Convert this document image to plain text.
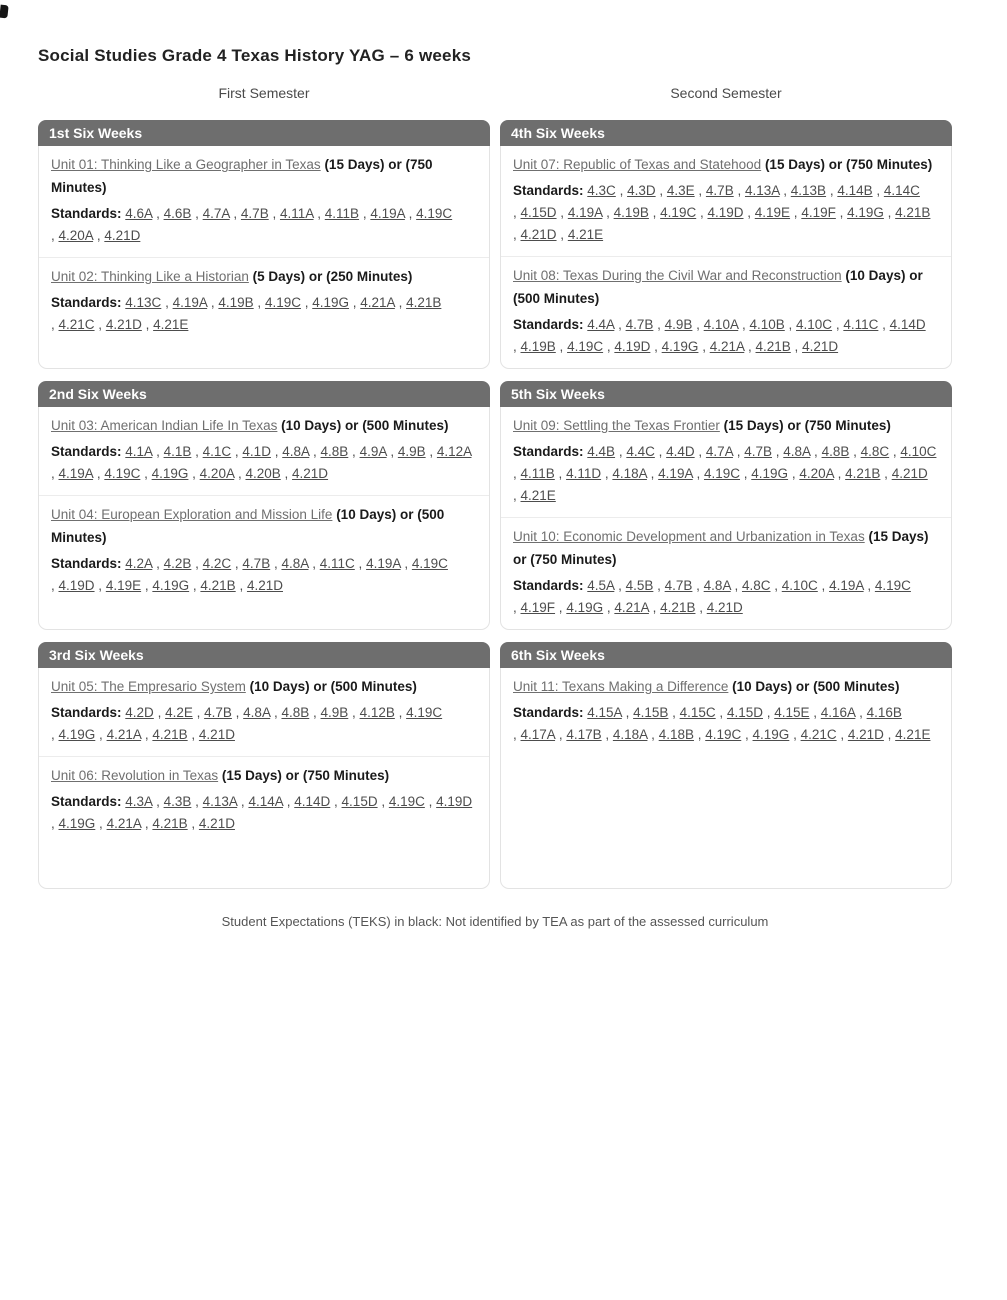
Social Studies Grade 4 Texas History YAG – 6 weeks
First Semester	Second Semester
1st Six Weeks

Unit 01: Thinking Like a Geographer in Texas (15 Days) or (750 Minutes)

Standards: 4.6A , 4.6B , 4.7A , 4.7B , 4.11A , 4.11B , 4.19A , 4.19C , 4.20A , 4.21D

Unit 02: Thinking Like a Historian (5 Days) or (250 Minutes)

Standards: 4.13C , 4.19A , 4.19B , 4.19C , 4.19G , 4.21A , 4.21B , 4.21C , 4.21D , 4.21E

4th Six Weeks

Unit 07: Republic of Texas and Statehood (15 Days) or (750 Minutes)

Standards: 4.3C , 4.3D , 4.3E , 4.7B , 4.13A , 4.13B , 4.14B , 4.14C , 4.15D , 4.19A , 4.19B , 4.19C , 4.19D , 4.19E , 4.19F , 4.19G , 4.21B , 4.21D , 4.21E

Unit 08: Texas During the Civil War and Reconstruction (10 Days) or (500 Minutes)

Standards: 4.4A , 4.7B , 4.9B , 4.10A , 4.10B , 4.10C , 4.11C , 4.14D , 4.19B , 4.19C , 4.19D , 4.19G , 4.21A , 4.21B , 4.21D

2nd Six Weeks

Unit 03: American Indian Life In Texas (10 Days) or (500 Minutes)

Standards: 4.1A , 4.1B , 4.1C , 4.1D , 4.8A , 4.8B , 4.9A , 4.9B , 4.12A , 4.19A , 4.19C , 4.19G , 4.20A , 4.20B , 4.21D

Unit 04: European Exploration and Mission Life (10 Days) or (500 Minutes)

Standards: 4.2A , 4.2B , 4.2C , 4.7B , 4.8A , 4.11C , 4.19A , 4.19C , 4.19D , 4.19E , 4.19G , 4.21B , 4.21D

5th Six Weeks

Unit 09: Settling the Texas Frontier (15 Days) or (750 Minutes)

Standards: 4.4B , 4.4C , 4.4D , 4.7A , 4.7B , 4.8A , 4.8B , 4.8C , 4.10C , 4.11B , 4.11D , 4.18A , 4.19A , 4.19C , 4.19G , 4.20A , 4.21B , 4.21D , 4.21E

Unit 10: Economic Development and Urbanization in Texas (15 Days) or (750 Minutes)

Standards: 4.5A , 4.5B , 4.7B , 4.8A , 4.8C , 4.10C , 4.19A , 4.19C , 4.19F , 4.19G , 4.21A , 4.21B , 4.21D

3rd Six Weeks

Unit 05: The Empresario System (10 Days) or (500 Minutes)

Standards: 4.2D , 4.2E , 4.7B , 4.8A , 4.8B , 4.9B , 4.12B , 4.19C , 4.19G , 4.21A , 4.21B , 4.21D

Unit 06: Revolution in Texas (15 Days) or (750 Minutes)

Standards: 4.3A , 4.3B , 4.13A , 4.14A , 4.14D , 4.15D , 4.19C , 4.19D , 4.19G , 4.21A , 4.21B , 4.21D

6th Six Weeks

Unit 11: Texans Making a Difference (10 Days) or (500 Minutes)

Standards: 4.15A , 4.15B , 4.15C , 4.15D , 4.15E , 4.16A , 4.16B , 4.17A , 4.17B , 4.18A , 4.18B , 4.19C , 4.19G , 4.21C , 4.21D , 4.21E

Student Expectations (TEKS) in black: Not identified by TEA as part of the assessed curriculum
